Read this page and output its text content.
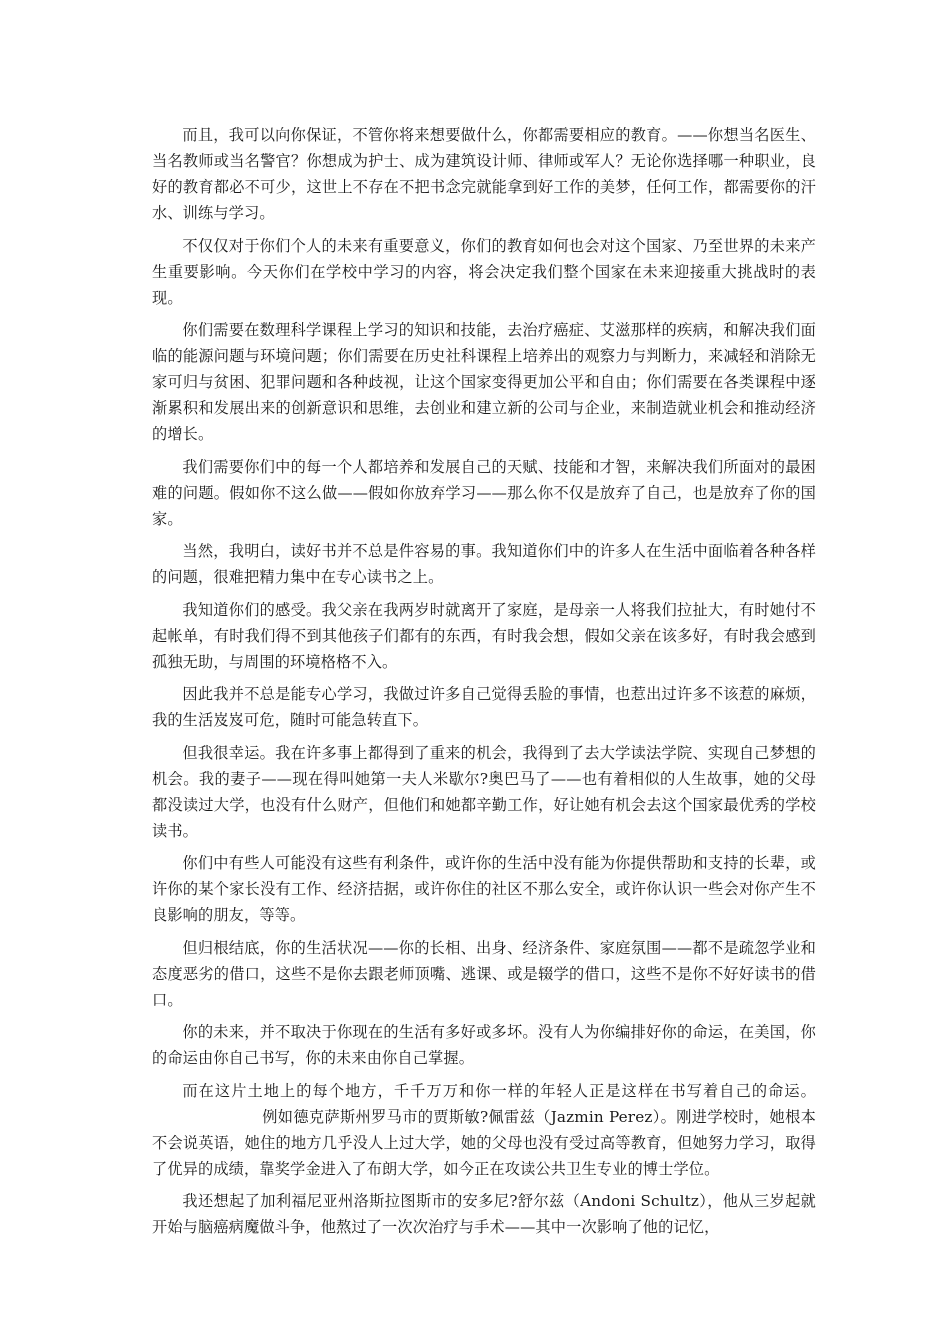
而且，我可以向你保证，不管你将来想要做什么，你都需要相应的教育。——你想当名医生、当名教师或当名警官？你想成为护士、成为建筑设计师、律师或军人？无论你选择哪一种职业，良好的教育都必不可少，这世上不存在不把书念完就能拿到好工作的美梦，任何工作，都需要你的汗水、训练与学习。

不仅仅对于你们个人的未来有重要意义，你们的教育如何也会对这个国家、乃至世界的未来产生重要影响。今天你们在学校中学习的内容，将会决定我们整个国家在未来迎接重大挑战时的表现。

你们需要在数理科学课程上学习的知识和技能，去治疗癌症、艾滋那样的疾病，和解决我们面临的能源问题与环境问题；你们需要在历史社科课程上培养出的观察力与判断力，来减轻和消除无家可归与贫困、犯罪问题和各种歧视，让这个国家变得更加公平和自由；你们需要在各类课程中逐渐累积和发展出来的创新意识和思维，去创业和建立新的公司与企业，来制造就业机会和推动经济的增长。

我们需要你们中的每一个人都培养和发展自己的天赋、技能和才智，来解决我们所面对的最困难的问题。假如你不这么做——假如你放弃学习——那么你不仅是放弃了自己，也是放弃了你的国家。

当然，我明白，读好书并不总是件容易的事。我知道你们中的许多人在生活中面临着各种各样的问题，很难把精力集中在专心读书之上。

我知道你们的感受。我父亲在我两岁时就离开了家庭，是母亲一人将我们拉扯大，有时她付不起帐单，有时我们得不到其他孩子们都有的东西，有时我会想，假如父亲在该多好，有时我会感到孤独无助，与周围的环境格格不入。

因此我并不总是能专心学习，我做过许多自己觉得丢脸的事情，也惹出过许多不该惹的麻烦，我的生活岌岌可危，随时可能急转直下。

但我很幸运。我在许多事上都得到了重来的机会，我得到了去大学读法学院、实现自己梦想的机会。我的妻子——现在得叫她第一夫人米歇尔?奥巴马了——也有着相似的人生故事，她的父母都没读过大学，也没有什么财产，但他们和她都辛勤工作，好让她有机会去这个国家最优秀的学校读书。

你们中有些人可能没有这些有利条件，或许你的生活中没有能为你提供帮助和支持的长辈，或许你的某个家长没有工作、经济拮据，或许你住的社区不那么安全，或许你认识一些会对你产生不良影响的朋友，等等。

但归根结底，你的生活状况——你的长相、出身、经济条件、家庭氛围——都不是疏忽学业和态度恶劣的借口，这些不是你去跟老师顶嘴、逃课、或是辍学的借口，这些不是你不好好读书的借口。

你的未来，并不取决于你现在的生活有多好或多坏。没有人为你编排好你的命运，在美国，你的命运由你自己书写，你的未来由你自己掌握。

而在这片土地上的每个地方，千千万万和你一样的年轻人正是这样在书写着自己的命运。例如德克萨斯州罗马市的贾斯敏?佩雷兹（Jazmin Perez）。刚进学校时，她根本不会说英语，她住的地方几乎没人上过大学，她的父母也没有受过高等教育，但她努力学习，取得了优异的成绩，靠奖学金进入了布朗大学，如今正在攻读公共卫生专业的博士学位。

我还想起了加利福尼亚州洛斯拉图斯市的安多尼?舒尔兹（Andoni Schultz），他从三岁起就开始与脑癌病魔做斗争，他熬过了一次次治疗与手术——其中一次影响了他的记忆，
